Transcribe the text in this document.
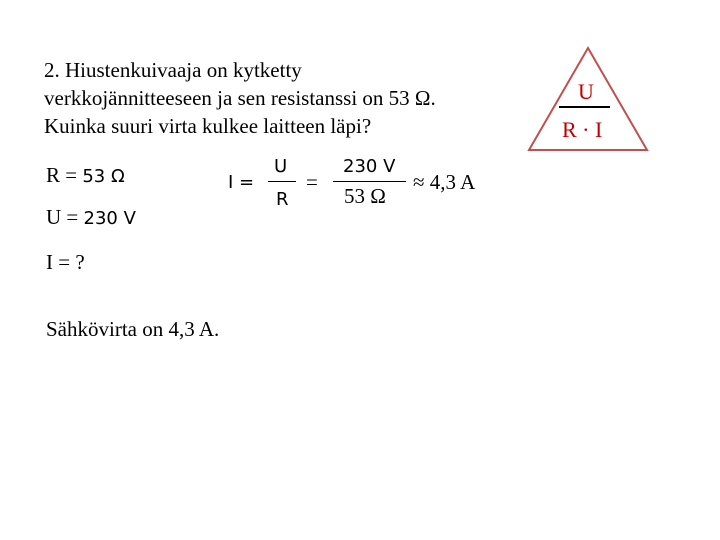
2. Hiustenkuivaaja on kytketty
verkkojännitteeseen ja sen resistanssi on 53 Ω.
Kuinka suuri virta kulkee laitteen läpi?
R = 53 Ω
U = 230 V
I = ?
I =
U
R
=
230 V
53 Ω
≈ 4,3 A
Sähkövirta on 4,3 A.
U
R · I
